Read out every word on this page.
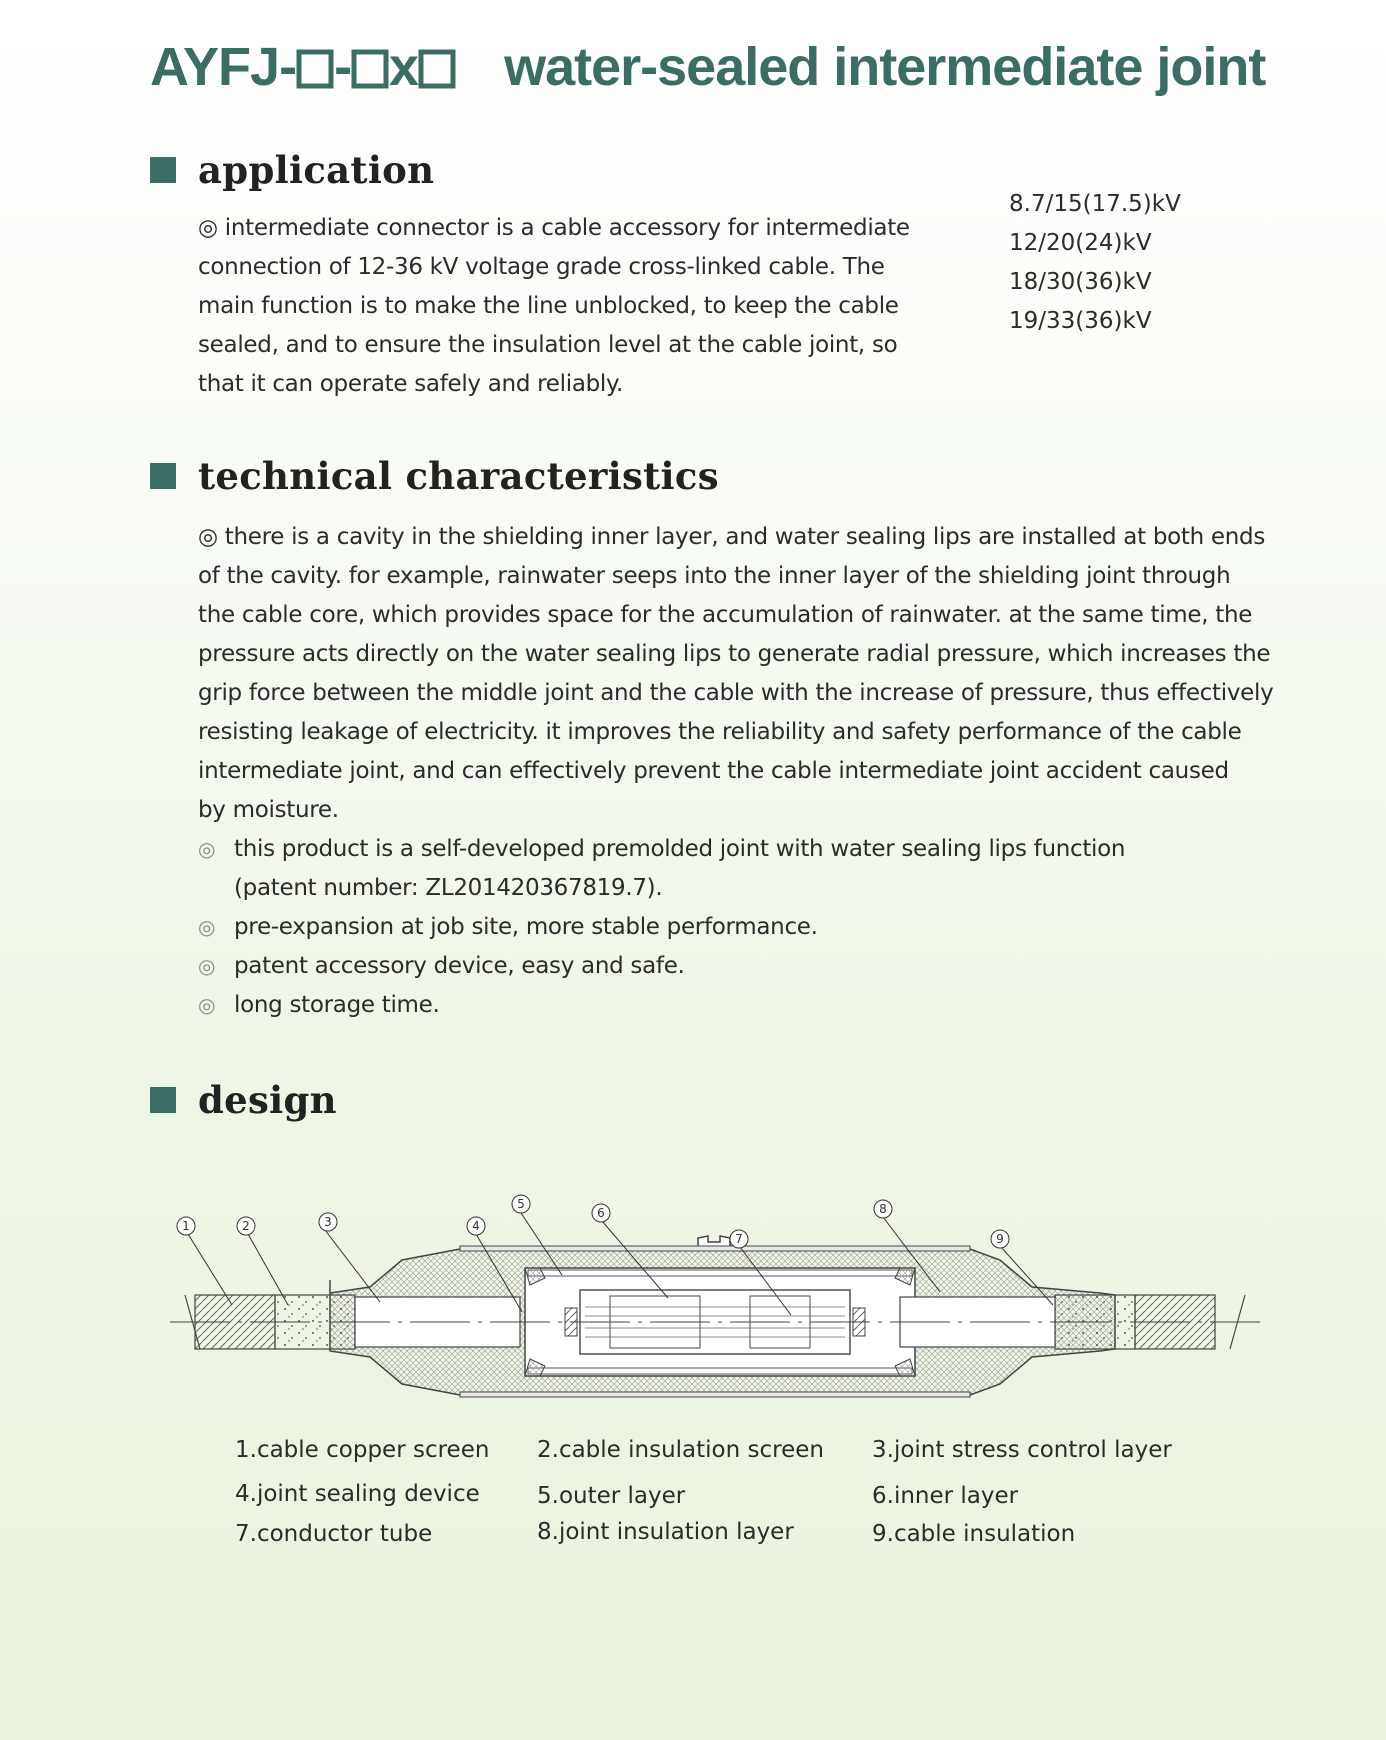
AYFJ- - x water-sealed intermediate joint
application
◎ intermediate connector is a cable accessory for intermediate
connection of 12-36 kV voltage grade cross-linked cable. The
main function is to make the line unblocked, to keep the cable
sealed, and to ensure the insulation level at the cable joint, so
that it can operate safely and reliably.
8.7/15(17.5)kV
12/20(24)kV
18/30(36)kV
19/33(36)kV
technical characteristics
◎ there is a cavity in the shielding inner layer, and water sealing lips are installed at both ends
of the cavity. for example, rainwater seeps into the inner layer of the shielding joint through
the cable core, which provides space for the accumulation of rainwater. at the same time, the
pressure acts directly on the water sealing lips to generate radial pressure, which increases the
grip force between the middle joint and the cable with the increase of pressure, thus effectively
resisting leakage of electricity. it improves the reliability and safety performance of the cable
intermediate joint, and can effectively prevent the cable intermediate joint accident caused
by moisture.
◎ this product is a self-developed premolded joint with water sealing lips function
(patent number: ZL201420367819.7).
◎ pre-expansion at job site, more stable performance.
◎ patent accessory device, easy and safe.
◎ long storage time.
design
1	2	3	4
5
6
7
8
9
1.cable copper screen 2.cable insulation screen 3.joint stress control layer
4.joint sealing device 5.outer layer	6.inner layer
7.conductor tube	8.joint insulation layer	9.cable insulation
